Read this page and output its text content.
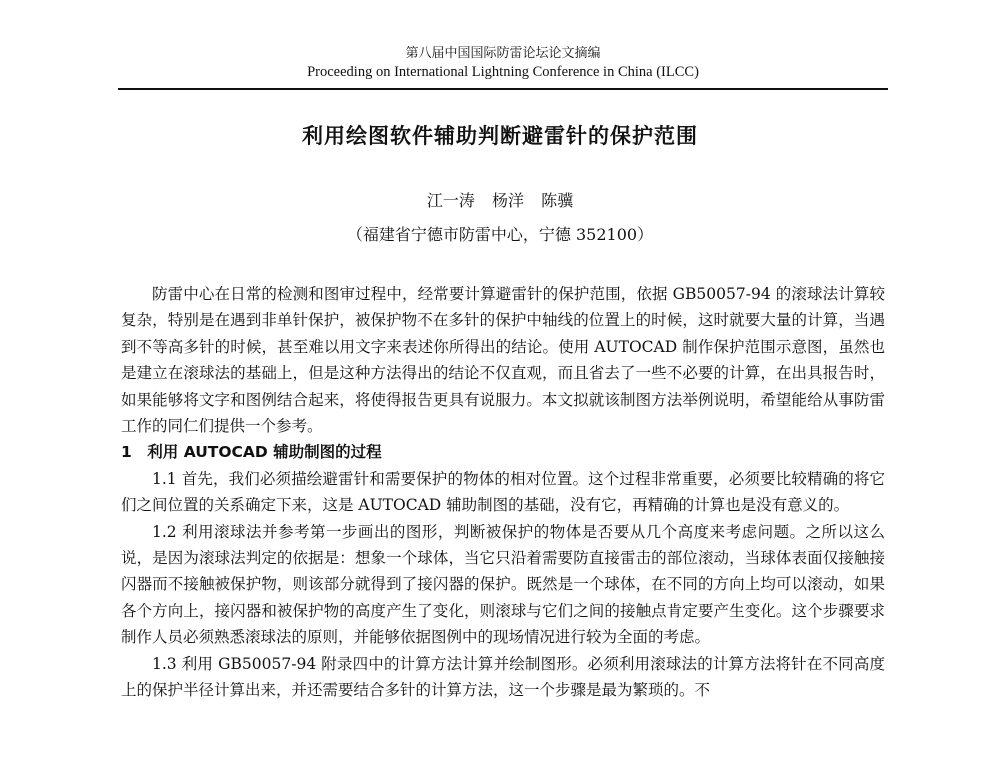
第八届中国国际防雷论坛论文摘编
Proceeding on International Lightning Conference in China (ILCC)
利用绘图软件辅助判断避雷针的保护范围
江一涛 杨洋 陈骥
（福建省宁德市防雷中心，宁德 352100）

防雷中心在日常的检测和图审过程中，经常要计算避雷针的保护范围，依据 GB50057-94 的滚球法计算较复杂，特别是在遇到非单针保护，被保护物不在多针的保护中轴线的位置上的时候，这时就要大量的计算，当遇到不等高多针的时候，甚至难以用文字来表述你所得出的结论。使用 AUTOCAD 制作保护范围示意图，虽然也是建立在滚球法的基础上，但是这种方法得出的结论不仅直观，而且省去了一些不必要的计算，在出具报告时，如果能够将文字和图例结合起来，将使得报告更具有说服力。本文拟就该制图方法举例说明，希望能给从事防雷工作的同仁们提供一个参考。

1 利用 AUTOCAD 辅助制图的过程

1.1 首先，我们必须描绘避雷针和需要保护的物体的相对位置。这个过程非常重要，必须要比较精确的将它们之间位置的关系确定下来，这是 AUTOCAD 辅助制图的基础，没有它，再精确的计算也是没有意义的。

1.2 利用滚球法并参考第一步画出的图形，判断被保护的物体是否要从几个高度来考虑问题。之所以这么说，是因为滚球法判定的依据是：想象一个球体，当它只沿着需要防直接雷击的部位滚动，当球体表面仅接触接闪器而不接触被保护物，则该部分就得到了接闪器的保护。既然是一个球体，在不同的方向上均可以滚动，如果各个方向上，接闪器和被保护物的高度产生了变化，则滚球与它们之间的接触点肯定要产生变化。这个步骤要求制作人员必须熟悉滚球法的原则，并能够依据图例中的现场情况进行较为全面的考虑。

1.3 利用 GB50057-94 附录四中的计算方法计算并绘制图形。必须利用滚球法的计算方法将针在不同高度上的保护半径计算出来，并还需要结合多针的计算方法，这一个步骤是最为繁琐的。不
